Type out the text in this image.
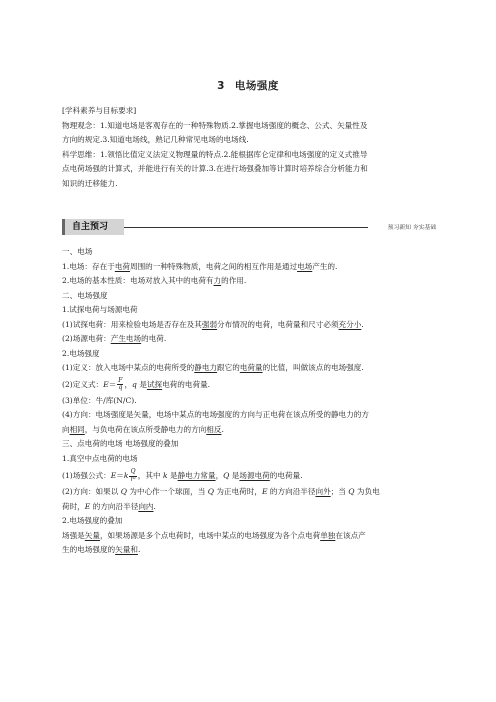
3 电场强度
[学科素养与目标要求]
物理观念：1.知道电场是客观存在的一种特殊物质.2.掌握电场强度的概念、公式、矢量性及
方向的规定.3.知道电场线，熟记几种常见电场的电场线.
科学思维：1.领悟比值定义法定义物理量的特点.2.能根据库仑定律和电场强度的定义式推导
点电荷场强的计算式，并能进行有关的计算.3.在进行场强叠加等计算时培养综合分析能力和
知识的迁移能力.
自主预习	预习新知 夯实基础
一、电场
1.电场：存在于电荷周围的一种特殊物质，电荷之间的相互作用是通过电场产生的.
2.电场的基本性质：电场对放入其中的电荷有力的作用.
二、电场强度
1.试探电荷与场源电荷
(1)试探电荷：用来检验电场是否存在及其强弱分布情况的电荷，电荷量和尺寸必须充分小.
(2)场源电荷：产生电场的电荷.
2.电场强度
(1)定义：放入电场中某点的电荷所受的静电力跟它的电荷量的比值，叫做该点的电场强度.
(2)定义式：$E= \frac{F}{q}$ ，q 是试探电荷的电荷量.
(3)单位：牛/库(N/C).
(4)方向：电场强度是矢量，电场中某点的电场强度的方向与正电荷在该点所受的静电力的方
向相同，与负电荷在该点所受静电力的方向相反.
三、点电荷的电场 电场强度的叠加
1.真空中点电荷的电场
(1)场强公式：$E=k \frac{Q}{\text{r²}}$ ，其中 k 是静电力常量，Q 是场源电荷的电荷量.
(2)方向：如果以 Q 为中心作一个球面，当 Q 为正电荷时，E 的方向沿半径向外；当 Q 为负电
荷时，E 的方向沿半径向内.
2.电场强度的叠加
场强是矢量，如果场源是多个点电荷时，电场中某点的电场强度为各个点电荷单独在该点产
生的电场强度的矢量和.
